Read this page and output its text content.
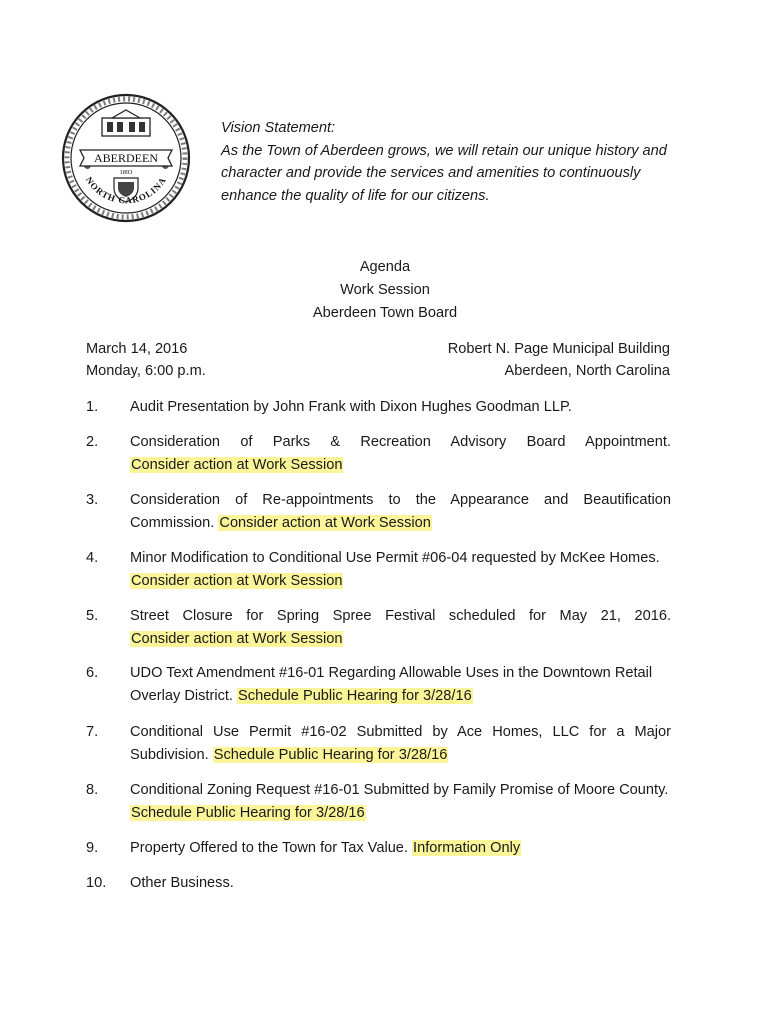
ABERDEEN
1893
NORTH CAROLINA
Vision Statement:
As the Town of Aberdeen grows, we will retain our unique history and
character and provide the services and amenities to continuously
enhance the quality of life for our citizens.
Agenda
Work Session
Aberdeen Town Board
March 14, 2016
Monday, 6:00 p.m.
Robert N. Page Municipal Building
Aberdeen, North Carolina
1.	Audit Presentation by John Frank with Dixon Hughes Goodman LLP.
2.	Consideration of Parks & Recreation Advisory Board Appointment.
Consider action at Work Session
3.	Consideration of Re-appointments to the Appearance and Beautification
Commission. Consider action at Work Session
4.	Minor Modification to Conditional Use Permit #06-04 requested by McKee Homes.
Consider action at Work Session
5.	Street Closure for Spring Spree Festival scheduled for May 21, 2016.
Consider action at Work Session
6.	UDO Text Amendment #16-01 Regarding Allowable Uses in the Downtown Retail
Overlay District. Schedule Public Hearing for 3/28/16
7.	Conditional Use Permit #16-02 Submitted by Ace Homes, LLC for a Major
Subdivision. Schedule Public Hearing for 3/28/16
8.	Conditional Zoning Request #16-01 Submitted by Family Promise of Moore County.
Schedule Public Hearing for 3/28/16
9.	Property Offered to the Town for Tax Value. Information Only
10.	Other Business.
